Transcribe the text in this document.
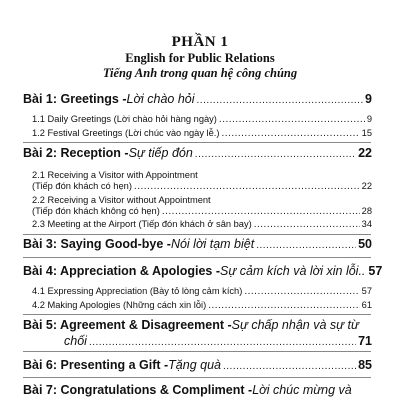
PHẦN 1
English for Public Relations
Tiếng Anh trong quan hệ công chúng
Bài 1: Greetings - Lời chào hỏi .....	9
1.1 Daily Greetings (Lời chào hỏi hàng ngày) .....	9
1.2 Festival Greetings (Lời chúc vào ngày lễ.) .....	15
Bài 2: Reception - Sự tiếp đón .....	22
2.1 Receiving a Visitor with Appointment
(Tiếp đón khách có hẹn) .....	22
2.2 Receiving a Visitor without Appointment
(Tiếp đón khách không có hẹn) .....	28
2.3 Meeting at the Airport (Tiếp đón khách ở sân bay) .....	34
Bài 3: Saying Good-bye - Nói lời tạm biệt .....	50
Bài 4: Appreciation & Apologies - Sự cảm kích và lời xin lỗi.. 57
4.1 Expressing Appreciation (Bày tỏ lòng cảm kích) .....	57
4.2 Making Apologies (Những cách xin lỗi) .....	61
Bài 5: Agreement & Disagreement - Sự chấp nhận và sự từ
chối .....	71
Bài 6: Presenting a Gift - Tặng quà .....	85
Bài 7: Congratulations & Compliment - Lời chúc mừng và
